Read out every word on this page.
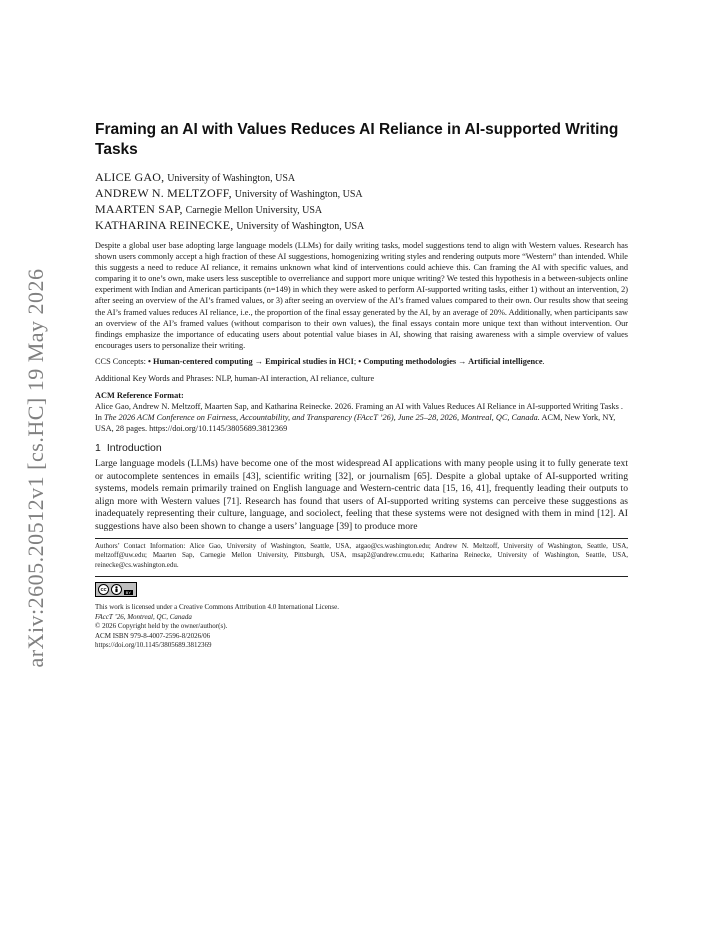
arXiv:2605.20512v1 [cs.HC] 19 May 2026
Framing an AI with Values Reduces AI Reliance in AI-supported Writing Tasks
ALICE GAO, University of Washington, USA
ANDREW N. MELTZOFF, University of Washington, USA
MAARTEN SAP, Carnegie Mellon University, USA
KATHARINA REINECKE, University of Washington, USA

Despite a global user base adopting large language models (LLMs) for daily writing tasks, model suggestions tend to align with Western values. Research has shown users commonly accept a high fraction of these AI suggestions, homogenizing writing styles and rendering outputs more “Western” than intended. While this suggests a need to reduce AI reliance, it remains unknown what kind of interventions could achieve this. Can framing the AI with specific values, and comparing it to one’s own, make users less susceptible to overreliance and support more unique writing? We tested this hypothesis in a between-subjects online experiment with Indian and American participants (n=149) in which they were asked to perform AI-supported writing tasks, either 1) without an intervention, 2) after seeing an overview of the AI’s framed values, or 3) after seeing an overview of the AI’s framed values compared to their own. Our results show that seeing the AI’s framed values reduces AI reliance, i.e., the proportion of the final essay generated by the AI, by an average of 20%. Additionally, when participants saw an overview of the AI’s framed values (without comparison to their own values), the final essays contain more unique text than without intervention. Our findings emphasize the importance of educating users about potential value biases in AI, showing that raising awareness with a simple overview of values encourages users to personalize their writing.

CCS Concepts: • Human-centered computing → Empirical studies in HCI; • Computing methodologies → Artificial intelligence.

Additional Key Words and Phrases: NLP, human-AI interaction, AI reliance, culture

ACM Reference Format:

Alice Gao, Andrew N. Meltzoff, Maarten Sap, and Katharina Reinecke. 2026. Framing an AI with Values Reduces AI Reliance in AI-supported Writing Tasks . In The 2026 ACM Conference on Fairness, Accountability, and Transparency (FAccT ’26), June 25–28, 2026, Montreal, QC, Canada. ACM, New York, NY, USA, 28 pages. https://doi.org/10.1145/3805689.3812369

1 Introduction

Large language models (LLMs) have become one of the most widespread AI applications with many people using it to fully generate text or autocomplete sentences in emails [43], scientific writing [32], or journalism [65]. Despite a global uptake of AI-supported writing systems, models remain primarily trained on English language and Western-centric data [15, 16, 41], frequently leading their outputs to align more with Western values [71]. Research has found that users of AI-supported writing systems can perceive these suggestions as inadequately representing their culture, language, and sociolect, feeling that these systems were not designed with them in mind [12]. AI suggestions have also been shown to change a users’ language [39] to produce more

Authors’ Contact Information: Alice Gao, University of Washington, Seattle, USA, atgao@cs.washington.edu; Andrew N. Meltzoff, University of Washington, Seattle, USA, meltzoff@uw.edu; Maarten Sap, Carnegie Mellon University, Pittsburgh, USA, msap2@andrew.cmu.edu; Katharina Reinecke, University of Washington, Seattle, USA, reinecke@cs.washington.edu.

cc	BY
This work is licensed under a Creative Commons Attribution 4.0 International License.
FAccT ’26, Montreal, QC, Canada
© 2026 Copyright held by the owner/author(s).
ACM ISBN 979-8-4007-2596-8/2026/06
https://doi.org/10.1145/3805689.3812369
